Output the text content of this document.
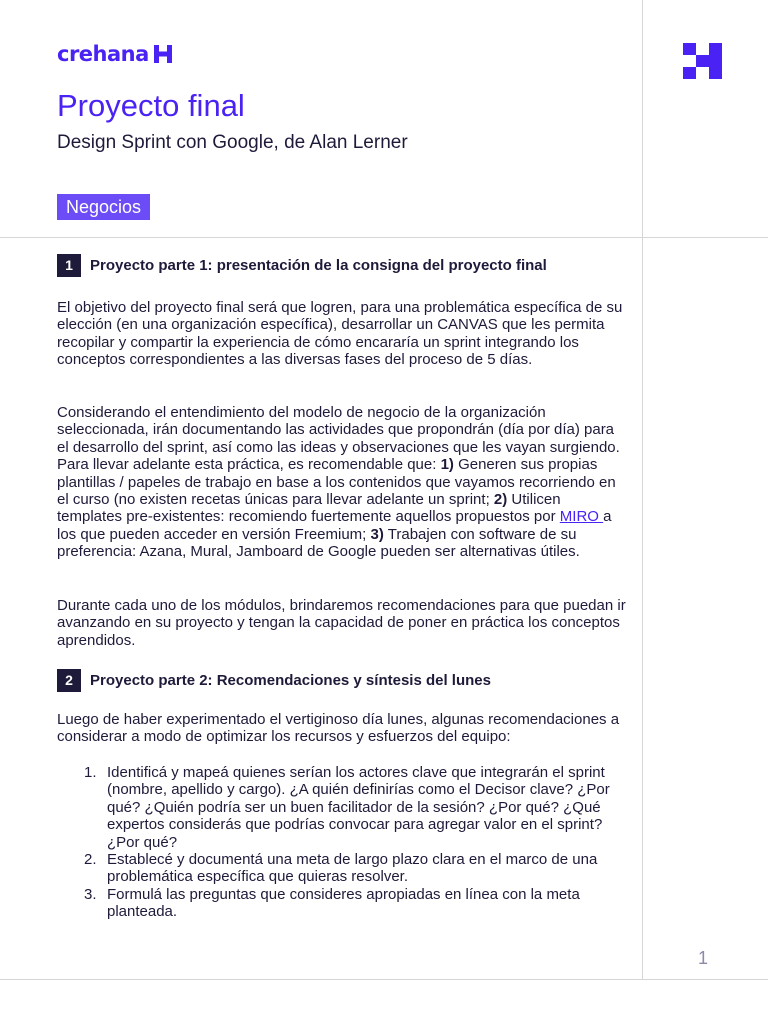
crehana
Proyecto final
Design Sprint con Google, de Alan Lerner
Negocios
1	Proyecto parte 1: presentación de la consigna del proyecto final

El objetivo del proyecto final será que logren, para una problemática específica de su elección (en una organización específica), desarrollar un CANVAS que les permita recopilar y compartir la experiencia de cómo encararía un sprint integrando los conceptos correspondientes a las diversas fases del proceso de 5 días.

Considerando el entendimiento del modelo de negocio de la organización seleccionada, irán documentando las actividades que propondrán (día por día) para el desarrollo del sprint, así como las ideas y observaciones que les vayan surgiendo. Para llevar adelante esta práctica, es recomendable que: 1) Generen sus propias plantillas / papeles de trabajo en base a los contenidos que vayamos recorriendo en el curso (no existen recetas únicas para llevar adelante un sprint; 2) Utilicen templates pre-existentes: recomiendo fuertemente aquellos propuestos por MIRO a los que pueden acceder en versión Freemium; 3) Trabajen con software de su preferencia: Azana, Mural, Jamboard de Google pueden ser alternativas útiles.

Durante cada uno de los módulos, brindaremos recomendaciones para que puedan ir avanzando en su proyecto y tengan la capacidad de poner en práctica los conceptos aprendidos.

2	Proyecto parte 2: Recomendaciones y síntesis del lunes

Luego de haber experimentado el vertiginoso día lunes, algunas recomendaciones a considerar a modo de optimizar los recursos y esfuerzos del equipo:

1. Identificá y mapeá quienes serían los actores clave que integrarán el sprint (nombre, apellido y cargo). ¿A quién definirías como el Decisor clave? ¿Por qué? ¿Quién podría ser un buen facilitador de la sesión? ¿Por qué? ¿Qué expertos considerás que podrías convocar para agregar valor en el sprint? ¿Por qué?
2. Establecé y documentá una meta de largo plazo clara en el marco de una problemática específica que quieras resolver.
3. Formulá las preguntas que consideres apropiadas en línea con la meta planteada.
1
